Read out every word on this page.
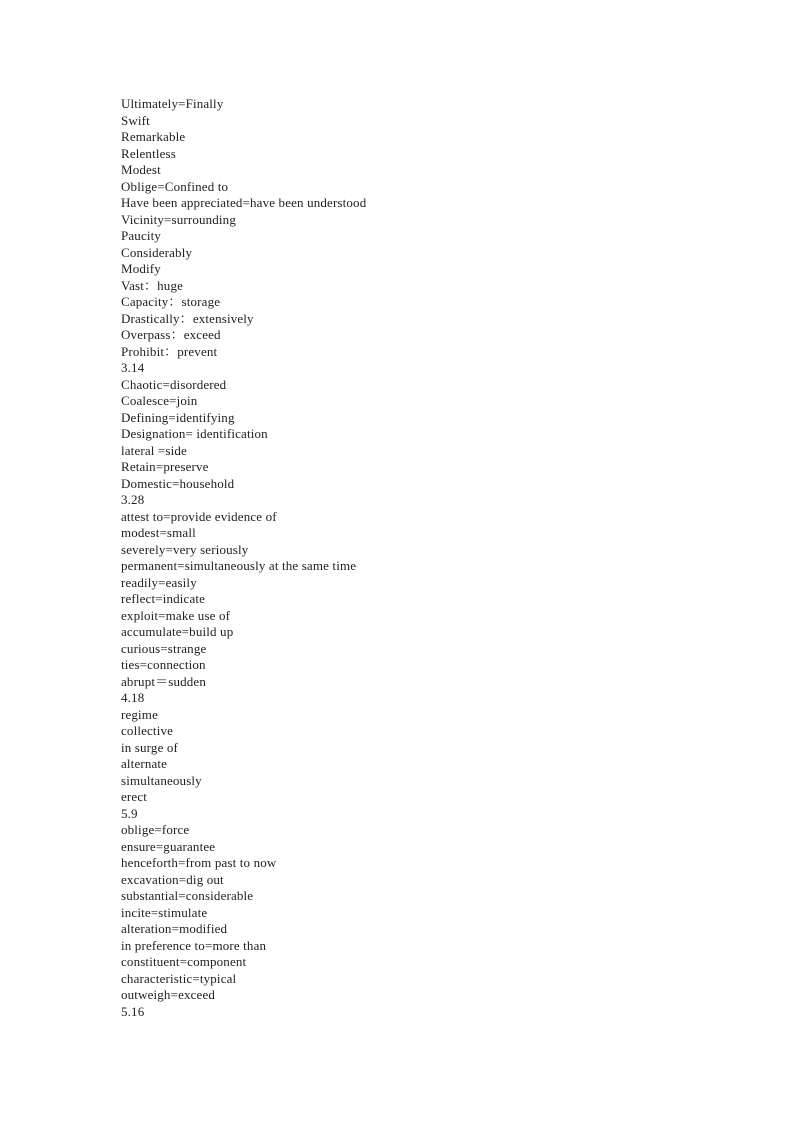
Ultimately=Finally
Swift
Remarkable
Relentless
Modest
Oblige=Confined to
Have been appreciated=have been understood
Vicinity=surrounding
Paucity
Considerably
Modify
Vast：huge
Capacity：storage
Drastically：extensively
Overpass：exceed
Prohibit：prevent
3.14
Chaotic=disordered
Coalesce=join
Defining=identifying
Designation= identification
lateral =side
Retain=preserve
Domestic=household
3.28
attest to=provide evidence of
modest=small
severely=very seriously
permanent=simultaneously at the same time
readily=easily
reflect=indicate
exploit=make use of
accumulate=build up
curious=strange
ties=connection
abrupt＝sudden
4.18
regime
collective
in surge of
alternate
simultaneously
erect
5.9
oblige=force
ensure=guarantee
henceforth=from past to now
excavation=dig out
substantial=considerable
incite=stimulate
alteration=modified
in preference to=more than
constituent=component
characteristic=typical
outweigh=exceed
5.16
